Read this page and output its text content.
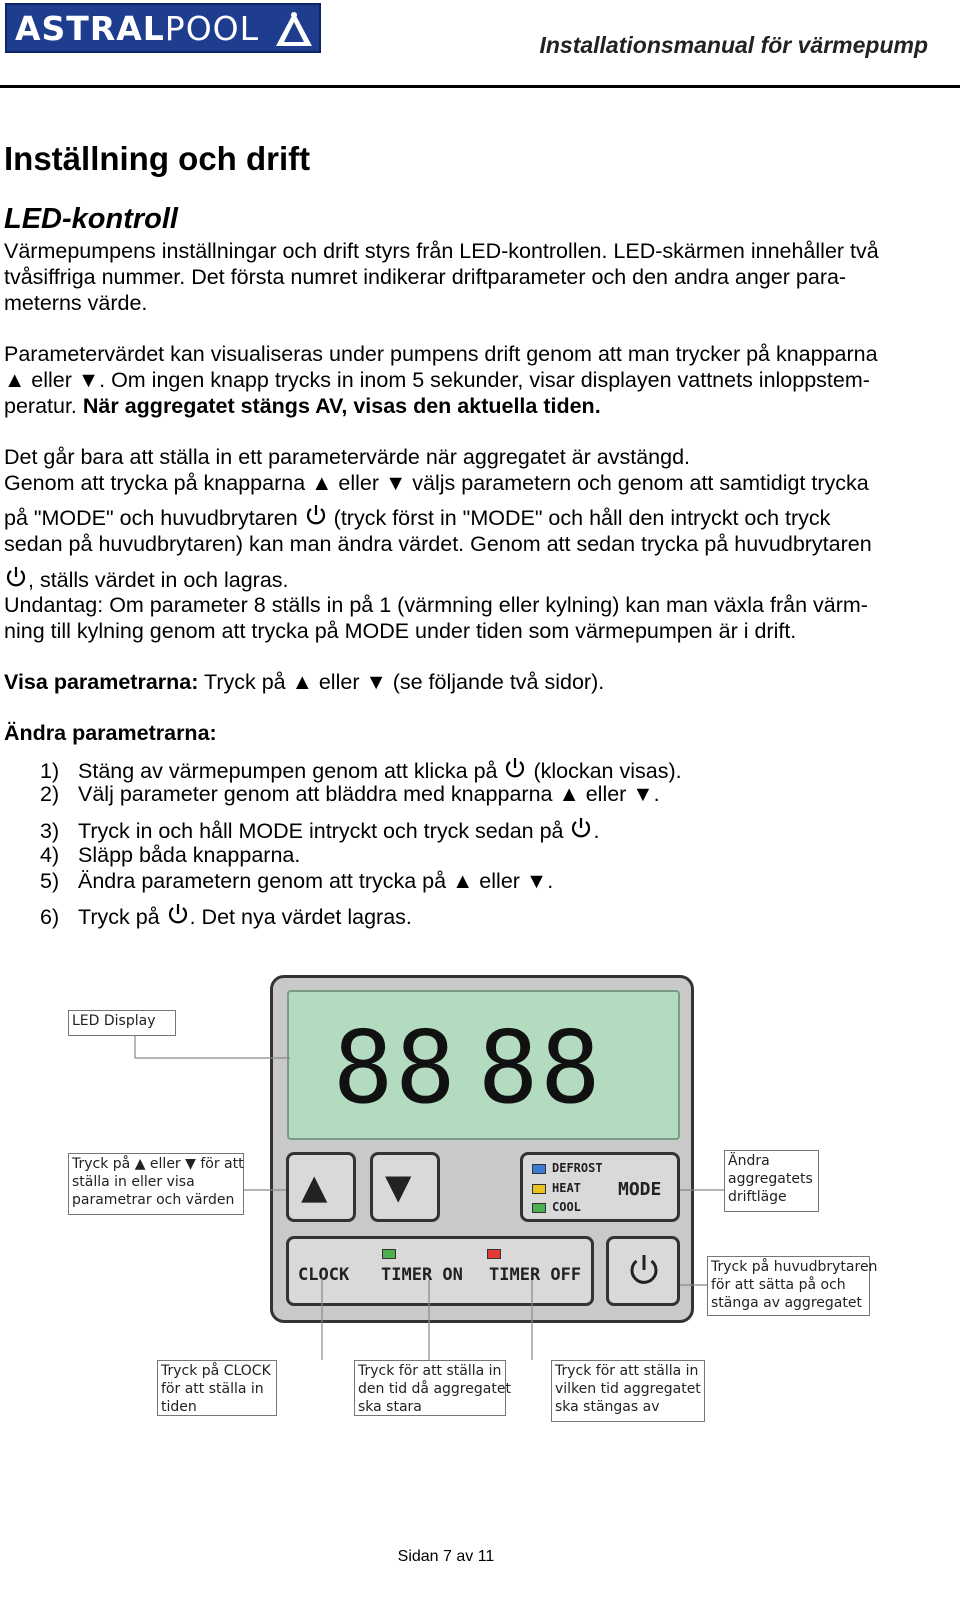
ASTRALPOOL	Installationsmanual för värmepump
Inställning och drift
LED-kontroll
Värmepumpens inställningar och drift styrs från LED-kontrollen. LED-skärmen innehåller två
tvåsiffriga nummer. Det första numret indikerar driftparameter och den andra anger para-
meterns värde.
Parametervärdet kan visualiseras under pumpens drift genom att man trycker på knapparna
▲ eller ▼. Om ingen knapp trycks in inom 5 sekunder, visar displayen vattnets inloppstem-
peratur. När aggregatet stängs AV, visas den aktuella tiden.
Det går bara att ställa in ett parametervärde när aggregatet är avstängd.
Genom att trycka på knapparna ▲ eller ▼ väljs parametern och genom att samtidigt trycka
på "MODE" och huvudbrytaren  (tryck först in "MODE" och håll den intryckt och tryck
sedan på huvudbrytaren) kan man ändra värdet. Genom att sedan trycka på huvudbrytaren
, ställs värdet in och lagras.
Undantag: Om parameter 8 ställs in på 1 (värmning eller kylning) kan man växla från värm-
ning till kylning genom att trycka på MODE under tiden som värmepumpen är i drift.
Visa parametrarna: Tryck på ▲ eller ▼ (se följande två sidor).
Ändra parametrarna:
1) Stäng av värmepumpen genom att klicka på  (klockan visas).
2) Välj parameter genom att bläddra med knapparna ▲ eller ▼.
3) Tryck in och håll MODE intryckt och tryck sedan på .
4) Släpp båda knapparna.
5) Ändra parametern genom att trycka på ▲ eller ▼.
6) Tryck på . Det nya värdet lagras.
88 88
▲ ▼	DEFROST
HEAT
COOL
MODE
CLOCK TIMER ON TIMER OFF
LED Display
Tryck på ▲ eller ▼ för att
ställa in eller visa
parametrar och värden
Ändra
aggregatets
driftläge
Tryck på huvudbrytaren
för att sätta på och
stänga av aggregatet
Tryck på CLOCK
för att ställa in
tiden
Tryck för att ställa in
den tid då aggregatet
ska stara
Tryck för att ställa in
vilken tid aggregatet
ska stängas av
Sidan 7 av 11
